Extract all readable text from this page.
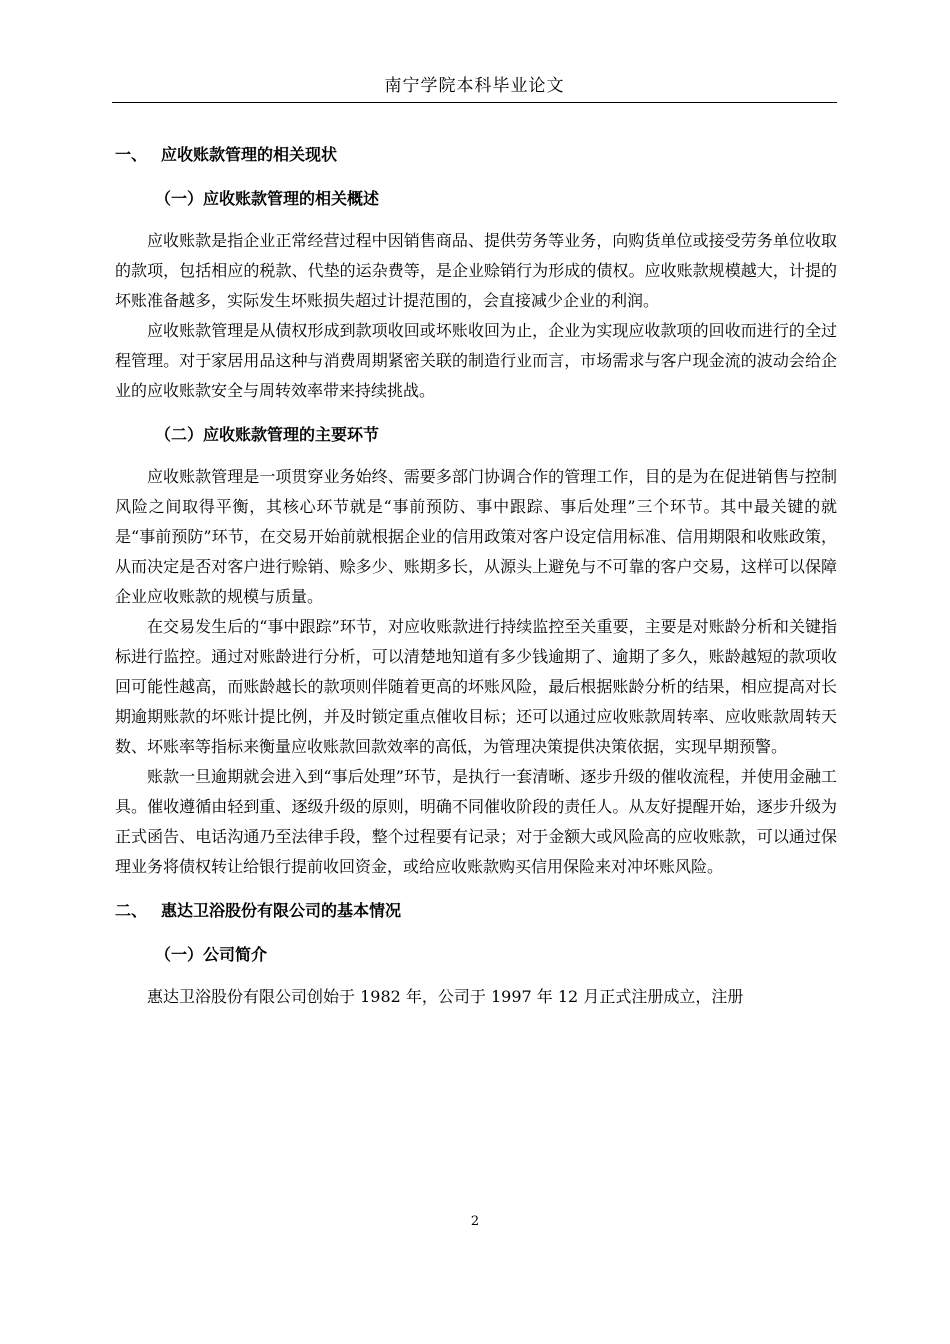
南宁学院本科毕业论文
一、 应收账款管理的相关现状
（一）应收账款管理的相关概述

应收账款是指企业正常经营过程中因销售商品、提供劳务等业务，向购货单位或接受劳务单位收取的款项，包括相应的税款、代垫的运杂费等，是企业赊销行为形成的债权。应收账款规模越大，计提的坏账准备越多，实际发生坏账损失超过计提范围的，会直接减少企业的利润。

应收账款管理是从债权形成到款项收回或坏账收回为止，企业为实现应收款项的回收而进行的全过程管理。对于家居用品这种与消费周期紧密关联的制造行业而言，市场需求与客户现金流的波动会给企业的应收账款安全与周转效率带来持续挑战。

（二）应收账款管理的主要环节

应收账款管理是一项贯穿业务始终、需要多部门协调合作的管理工作，目的是为在促进销售与控制风险之间取得平衡，其核心环节就是“事前预防、事中跟踪、事后处理”三个环节。其中最关键的就是“事前预防”环节，在交易开始前就根据企业的信用政策对客户设定信用标准、信用期限和收账政策，从而决定是否对客户进行赊销、赊多少、账期多长，从源头上避免与不可靠的客户交易，这样可以保障企业应收账款的规模与质量。

在交易发生后的“事中跟踪”环节，对应收账款进行持续监控至关重要，主要是对账龄分析和关键指标进行监控。通过对账龄进行分析，可以清楚地知道有多少钱逾期了、逾期了多久，账龄越短的款项收回可能性越高，而账龄越长的款项则伴随着更高的坏账风险，最后根据账龄分析的结果，相应提高对长期逾期账款的坏账计提比例，并及时锁定重点催收目标；还可以通过应收账款周转率、应收账款周转天数、坏账率等指标来衡量应收账款回款效率的高低，为管理决策提供决策依据，实现早期预警。

账款一旦逾期就会进入到“事后处理”环节，是执行一套清晰、逐步升级的催收流程，并使用金融工具。催收遵循由轻到重、逐级升级的原则，明确不同催收阶段的责任人。从友好提醒开始，逐步升级为正式函告、电话沟通乃至法律手段，整个过程要有记录；对于金额大或风险高的应收账款，可以通过保理业务将债权转让给银行提前收回资金，或给应收账款购买信用保险来对冲坏账风险。

二、 惠达卫浴股份有限公司的基本情况
（一）公司简介

惠达卫浴股份有限公司创始于 1982 年，公司于 1997 年 12 月正式注册成立，注册

2
